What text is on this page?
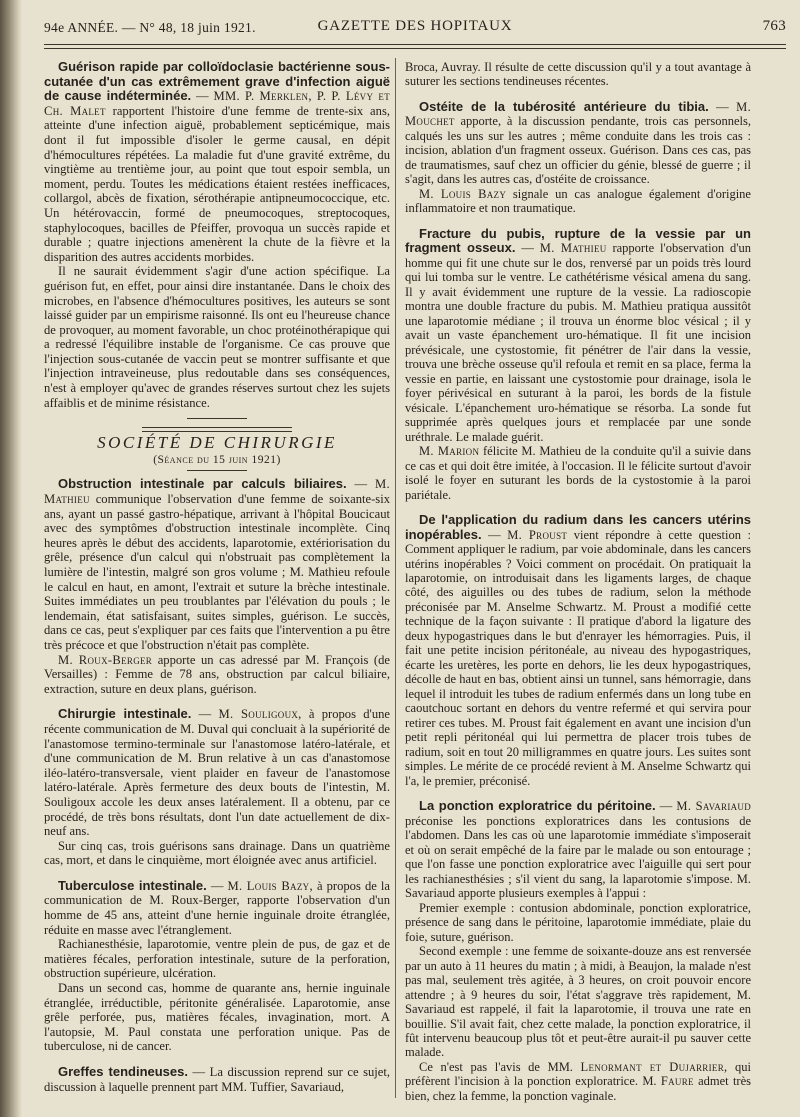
94e ANNÉE. — N° 48, 18 juin 1921.	GAZETTE DES HOPITAUX	763

Guérison rapide par colloïdoclasie bactérienne sous-cutanée d'un cas extrêmement grave d'infection aiguë de cause indéterminée. — MM. P. Merklen, P. P. Lévy et Ch. Malet rapportent l'histoire d'une femme de trente-six ans, atteinte d'une infection aiguë, probablement septicémique, mais dont il fut impossible d'isoler le germe causal, en dépit d'hémocultures répétées. La maladie fut d'une gravité extrême, du vingtième au trentième jour, au point que tout espoir sembla, un moment, perdu. Toutes les médications étaient restées inefficaces, collargol, abcès de fixation, sérothérapie antipneumococcique, etc. Un hétérovaccin, formé de pneumocoques, streptocoques, staphylocoques, bacilles de Pfeiffer, provoqua un succès rapide et durable ; quatre injections amenèrent la chute de la fièvre et la disparition des autres accidents morbides.

Il ne saurait évidemment s'agir d'une action spécifique. La guérison fut, en effet, pour ainsi dire instantanée. Dans le choix des microbes, en l'absence d'hémocultures positives, les auteurs se sont laissé guider par un empirisme raisonné. Ils ont eu l'heureuse chance de provoquer, au moment favorable, un choc protéinothérapique qui a redressé l'équilibre instable de l'organisme. Ce cas prouve que l'injection sous-cutanée de vaccin peut se montrer suffisante et que l'injection intraveineuse, plus redoutable dans ses conséquences, n'est à employer qu'avec de grandes réserves surtout chez les sujets affaiblis et de minime résistance.

SOCIÉTÉ DE CHIRURGIE
(Séance du 15 juin 1921)

Obstruction intestinale par calculs biliaires. — M. Mathieu communique l'observation d'une femme de soixante-six ans, ayant un passé gastro-hépatique, arrivant à l'hôpital Boucicaut avec des symptômes d'obstruction intestinale incomplète. Cinq heures après le début des accidents, laparotomie, extériorisation du grêle, présence d'un calcul qui n'obstruait pas complètement la lumière de l'intestin, malgré son gros volume ; M. Mathieu refoule le calcul en haut, en amont, l'extrait et suture la brèche intestinale. Suites immédiates un peu troublantes par l'élévation du pouls ; le lendemain, état satisfaisant, suites simples, guérison. Le succès, dans ce cas, peut s'expliquer par ces faits que l'intervention a pu être très précoce et que l'obstruction n'était pas complète.

M. Roux-Berger apporte un cas adressé par M. François (de Versailles) : Femme de 78 ans, obstruction par calcul biliaire, extraction, suture en deux plans, guérison.

Chirurgie intestinale. — M. Souligoux, à propos d'une récente communication de M. Duval qui concluait à la supériorité de l'anastomose termino-terminale sur l'anastomose latéro-latérale, et d'une communication de M. Brun relative à un cas d'anastomose iléo-latéro-transversale, vient plaider en faveur de l'anastomose latéro-latérale. Après fermeture des deux bouts de l'intestin, M. Souligoux accole les deux anses latéralement. Il a obtenu, par ce procédé, de très bons résultats, dont l'un date actuellement de dix-neuf ans.

Sur cinq cas, trois guérisons sans drainage. Dans un quatrième cas, mort, et dans le cinquième, mort éloignée avec anus artificiel.

Tuberculose intestinale. — M. Louis Bazy, à propos de la communication de M. Roux-Berger, rapporte l'observation d'un homme de 45 ans, atteint d'une hernie inguinale droite étranglée, réduite en masse avec l'étranglement.

Rachianesthésie, laparotomie, ventre plein de pus, de gaz et de matières fécales, perforation intestinale, suture de la perforation, obstruction supérieure, ulcération.

Dans un second cas, homme de quarante ans, hernie inguinale étranglée, irréductible, péritonite généralisée. Laparotomie, anse grêle perforée, pus, matières fécales, invagination, mort. A l'autopsie, M. Paul constata une perforation unique. Pas de tuberculose, ni de cancer.

Greffes tendineuses. — La discussion reprend sur ce sujet, discussion à laquelle prennent part MM. Tuffier, Savariaud,

Broca, Auvray. Il résulte de cette discussion qu'il y a tout avantage à suturer les sections tendineuses récentes.

Ostéite de la tubérosité antérieure du tibia. — M. Mouchet apporte, à la discussion pendante, trois cas personnels, calqués les uns sur les autres ; même conduite dans les trois cas : incision, ablation d'un fragment osseux. Guérison. Dans ces cas, pas de traumatismes, sauf chez un officier du génie, blessé de guerre ; il s'agit, dans les autres cas, d'ostéite de croissance.

M. Louis Bazy signale un cas analogue également d'origine inflammatoire et non traumatique.

Fracture du pubis, rupture de la vessie par un fragment osseux. — M. Mathieu rapporte l'observation d'un homme qui fit une chute sur le dos, renversé par un poids très lourd qui lui tomba sur le ventre. Le cathétérisme vésical amena du sang. Il y avait évidemment une rupture de la vessie. La radioscopie montra une double fracture du pubis. M. Mathieu pratiqua aussitôt une laparotomie médiane ; il trouva un énorme bloc vésical ; il y avait un vaste épanchement uro-hématique. Il fit une incision prévésicale, une cystostomie, fit pénétrer de l'air dans la vessie, trouva une brèche osseuse qu'il refoula et remit en sa place, ferma la vessie en partie, en laissant une cystostomie pour drainage, isola le foyer périvésical en suturant à la paroi, les bords de la fistule vésicale. L'épanchement uro-hématique se résorba. La sonde fut supprimée après quelques jours et remplacée par une sonde uréthrale. Le malade guérit.

M. Marion félicite M. Mathieu de la conduite qu'il a suivie dans ce cas et qui doit être imitée, à l'occasion. Il le félicite surtout d'avoir isolé le foyer en suturant les bords de la cystostomie à la paroi pariétale.

De l'application du radium dans les cancers utérins inopérables. — M. Proust vient répondre à cette question : Comment appliquer le radium, par voie abdominale, dans les cancers utérins inopérables ? Voici comment on procédait. On pratiquait la laparotomie, on introduisait dans les ligaments larges, de chaque côté, des aiguilles ou des tubes de radium, selon la méthode préconisée par M. Anselme Schwartz. M. Proust a modifié cette technique de la façon suivante : Il pratique d'abord la ligature des deux hypogastriques dans le but d'enrayer les hémorragies. Puis, il fait une petite incision péritonéale, au niveau des hypogastriques, écarte les uretères, les porte en dehors, lie les deux hypogastriques, décolle de haut en bas, obtient ainsi un tunnel, sans hémorragie, dans lequel il introduit les tubes de radium enfermés dans un long tube en caoutchouc sortant en dehors du ventre refermé et qui servira pour retirer ces tubes. M. Proust fait également en avant une incision d'un petit repli péritonéal qui lui permettra de placer trois tubes de radium, soit en tout 20 milligrammes en quatre jours. Les suites sont simples. Le mérite de ce procédé revient à M. Anselme Schwartz qui l'a, le premier, préconisé.

La ponction exploratrice du péritoine. — M. Savariaud préconise les ponctions exploratrices dans les contusions de l'abdomen. Dans les cas où une laparotomie immédiate s'imposerait et où on serait empêché de la faire par le malade ou son entourage ; que l'on fasse une ponction exploratrice avec l'aiguille qui sert pour les rachianesthésies ; s'il vient du sang, la laparotomie s'impose. M. Savariaud apporte plusieurs exemples à l'appui :

Premier exemple : contusion abdominale, ponction exploratrice, présence de sang dans le péritoine, laparotomie immédiate, plaie du foie, suture, guérison.

Second exemple : une femme de soixante-douze ans est renversée par un auto à 11 heures du matin ; à midi, à Beaujon, la malade n'est pas mal, seulement très agitée, à 3 heures, on croit pouvoir encore attendre ; à 9 heures du soir, l'état s'aggrave très rapidement, M. Savariaud est rappelé, il fait la laparotomie, il trouva une rate en bouillie. S'il avait fait, chez cette malade, la ponction exploratrice, il fût intervenu beaucoup plus tôt et peut-être aurait-il pu sauver cette malade.

Ce n'est pas l'avis de MM. Lenormant et Dujarrier, qui préfèrent l'incision à la ponction exploratrice. M. Faure admet très bien, chez la femme, la ponction vaginale.
